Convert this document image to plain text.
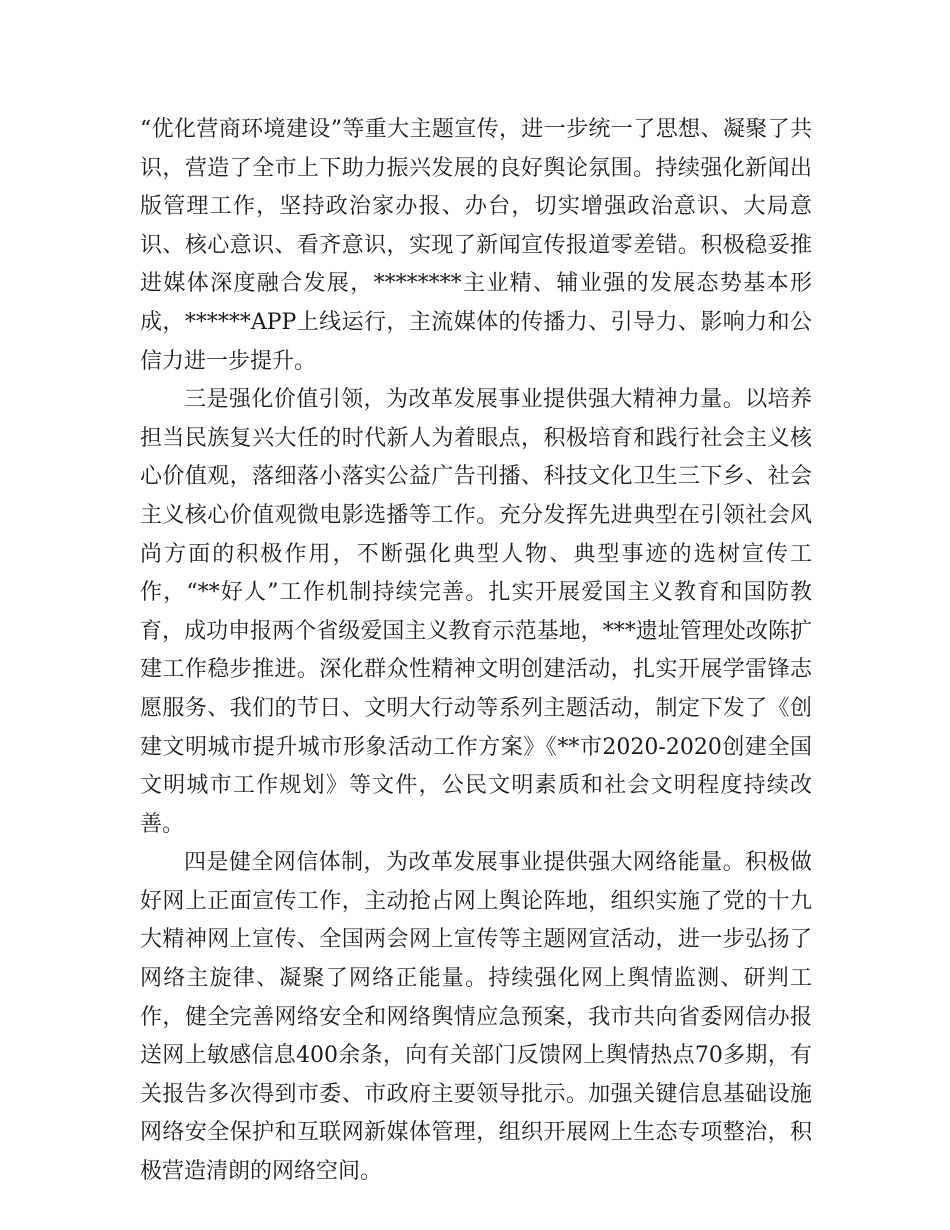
“优化营商环境建设”等重大主题宣传，进一步统一了思想、凝聚了共识，营造了全市上下助力振兴发展的良好舆论氛围。持续强化新闻出版管理工作，坚持政治家办报、办台，切实增强政治意识、大局意识、核心意识、看齐意识，实现了新闻宣传报道零差错。积极稳妥推进媒体深度融合发展，********主业精、辅业强的发展态势基本形成，******APP上线运行，主流媒体的传播力、引导力、影响力和公信力进一步提升。

三是强化价值引领，为改革发展事业提供强大精神力量。以培养担当民族复兴大任的时代新人为着眼点，积极培育和践行社会主义核心价值观，落细落小落实公益广告刊播、科技文化卫生三下乡、社会主义核心价值观微电影选播等工作。充分发挥先进典型在引领社会风尚方面的积极作用，不断强化典型人物、典型事迹的选树宣传工作，“**好人”工作机制持续完善。扎实开展爱国主义教育和国防教育，成功申报两个省级爱国主义教育示范基地，***遗址管理处改陈扩建工作稳步推进。深化群众性精神文明创建活动，扎实开展学雷锋志愿服务、我们的节日、文明大行动等系列主题活动，制定下发了《创建文明城市提升城市形象活动工作方案》《**市2020-2020创建全国文明城市工作规划》等文件，公民文明素质和社会文明程度持续改善。

四是健全网信体制，为改革发展事业提供强大网络能量。积极做好网上正面宣传工作，主动抢占网上舆论阵地，组织实施了党的十九大精神网上宣传、全国两会网上宣传等主题网宣活动，进一步弘扬了网络主旋律、凝聚了网络正能量。持续强化网上舆情监测、研判工作，健全完善网络安全和网络舆情应急预案，我市共向省委网信办报送网上敏感信息400余条，向有关部门反馈网上舆情热点70多期，有关报告多次得到市委、市政府主要领导批示。加强关键信息基础设施网络安全保护和互联网新媒体管理，组织开展网上生态专项整治，积极营造清朗的网络空间。
